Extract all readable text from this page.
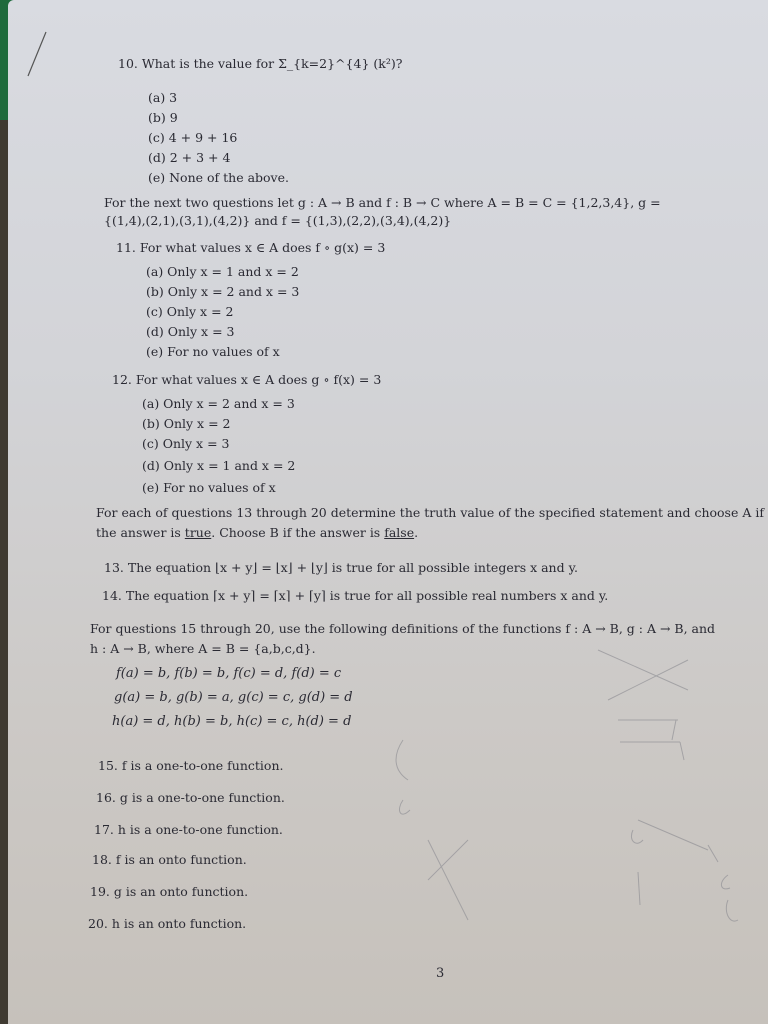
10. What is the value for Σ_{k=2}^{4} (k²)?
(a) 3
(b) 9
(c) 4 + 9 + 16
(d) 2 + 3 + 4
(e) None of the above.
For the next two questions let g : A → B and f : B → C where A = B = C = {1,2,3,4}, g =
{(1,4),(2,1),(3,1),(4,2)} and f = {(1,3),(2,2),(3,4),(4,2)}
11. For what values x ∈ A does f ∘ g(x) = 3
(a) Only x = 1 and x = 2
(b) Only x = 2 and x = 3
(c) Only x = 2
(d) Only x = 3
(e) For no values of x
12. For what values x ∈ A does g ∘ f(x) = 3
(a) Only x = 2 and x = 3
(b) Only x = 2
(c) Only x = 3
(d) Only x = 1 and x = 2
(e) For no values of x
For each of questions 13 through 20 determine the truth value of the specified statement and choose A if
the answer is true. Choose B if the answer is false.
13. The equation ⌊x + y⌋ = ⌊x⌋ + ⌊y⌋ is true for all possible integers x and y.
14. The equation ⌈x + y⌉ = ⌈x⌉ + ⌈y⌉ is true for all possible real numbers x and y.
For questions 15 through 20, use the following definitions of the functions f : A → B, g : A → B, and
h : A → B, where A = B = {a,b,c,d}.
f(a) = b, f(b) = b, f(c) = d, f(d) = c
g(a) = b, g(b) = a, g(c) = c, g(d) = d
h(a) = d, h(b) = b, h(c) = c, h(d) = d
15. f is a one-to-one function.
16. g is a one-to-one function.
17. h is a one-to-one function.
18. f is an onto function.
19. g is an onto function.
20. h is an onto function.
3
